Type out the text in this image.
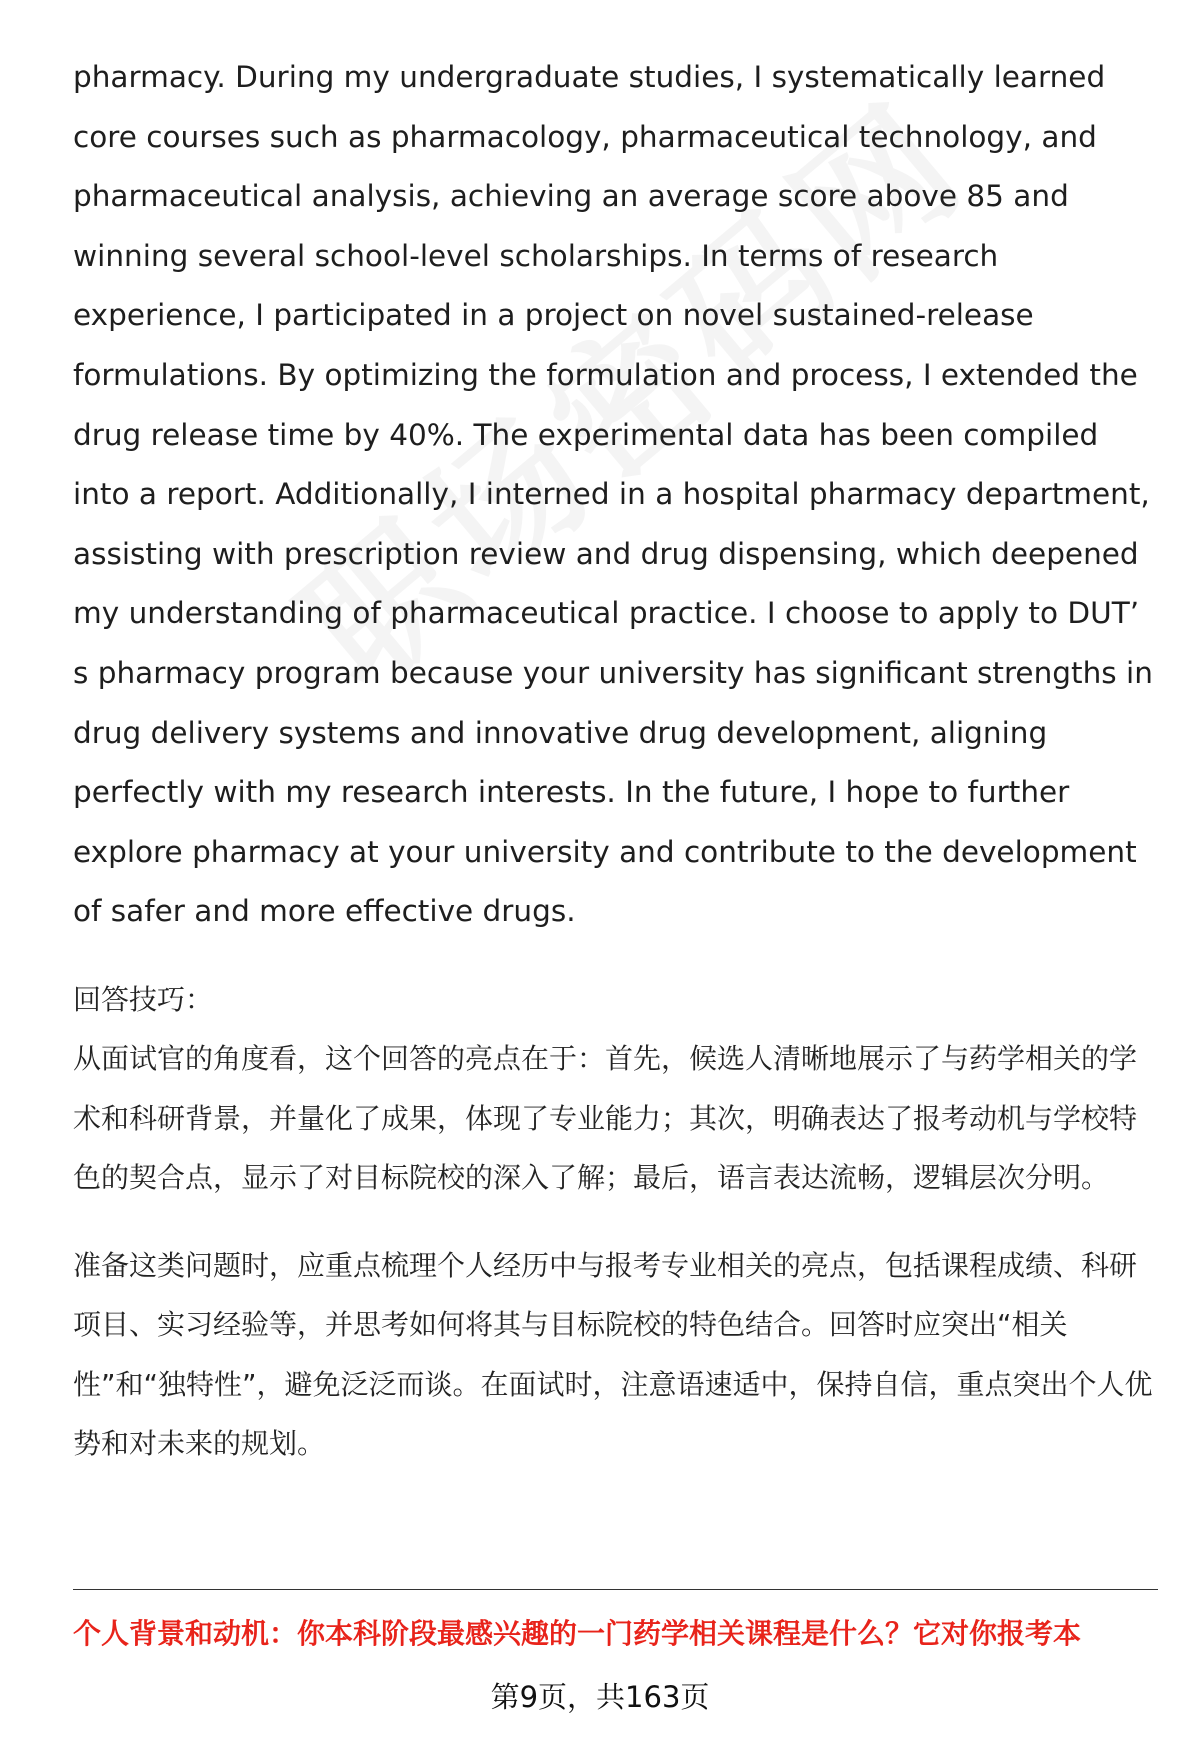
pharmacy. During my undergraduate studies, I systematically learned core courses such as pharmacology, pharmaceutical technology, and pharmaceutical analysis, achieving an average score above 85 and winning several school-level scholarships. In terms of research experience, I participated in a project on novel sustained-release formulations. By optimizing the formulation and process, I extended the drug release time by 40%. The experimental data has been compiled into a report. Additionally, I interned in a hospital pharmacy department, assisting with prescription review and drug dispensing, which deepened my understanding of pharmaceutical practice. I choose to apply to DUT’ s pharmacy program because your university has significant strengths in drug delivery systems and innovative drug development, aligning perfectly with my research interests. In the future, I hope to further explore pharmacy at your university and contribute to the development of safer and more effective drugs.

回答技巧：

从面试官的角度看，这个回答的亮点在于：首先，候选人清晰地展示了与药学相关的学术和科研背景，并量化了成果，体现了专业能力；其次，明确表达了报考动机与学校特色的契合点，显示了对目标院校的深入了解；最后，语言表达流畅，逻辑层次分明。

准备这类问题时，应重点梳理个人经历中与报考专业相关的亮点，包括课程成绩、科研项目、实习经验等，并思考如何将其与目标院校的特色结合。回答时应突出“相关性”和“独特性”，避免泛泛而谈。在面试时，注意语速适中，保持自信，重点突出个人优势和对未来的规划。

个人背景和动机：你本科阶段最感兴趣的一门药学相关课程是什么？它对你报考本
第9页，共163页
